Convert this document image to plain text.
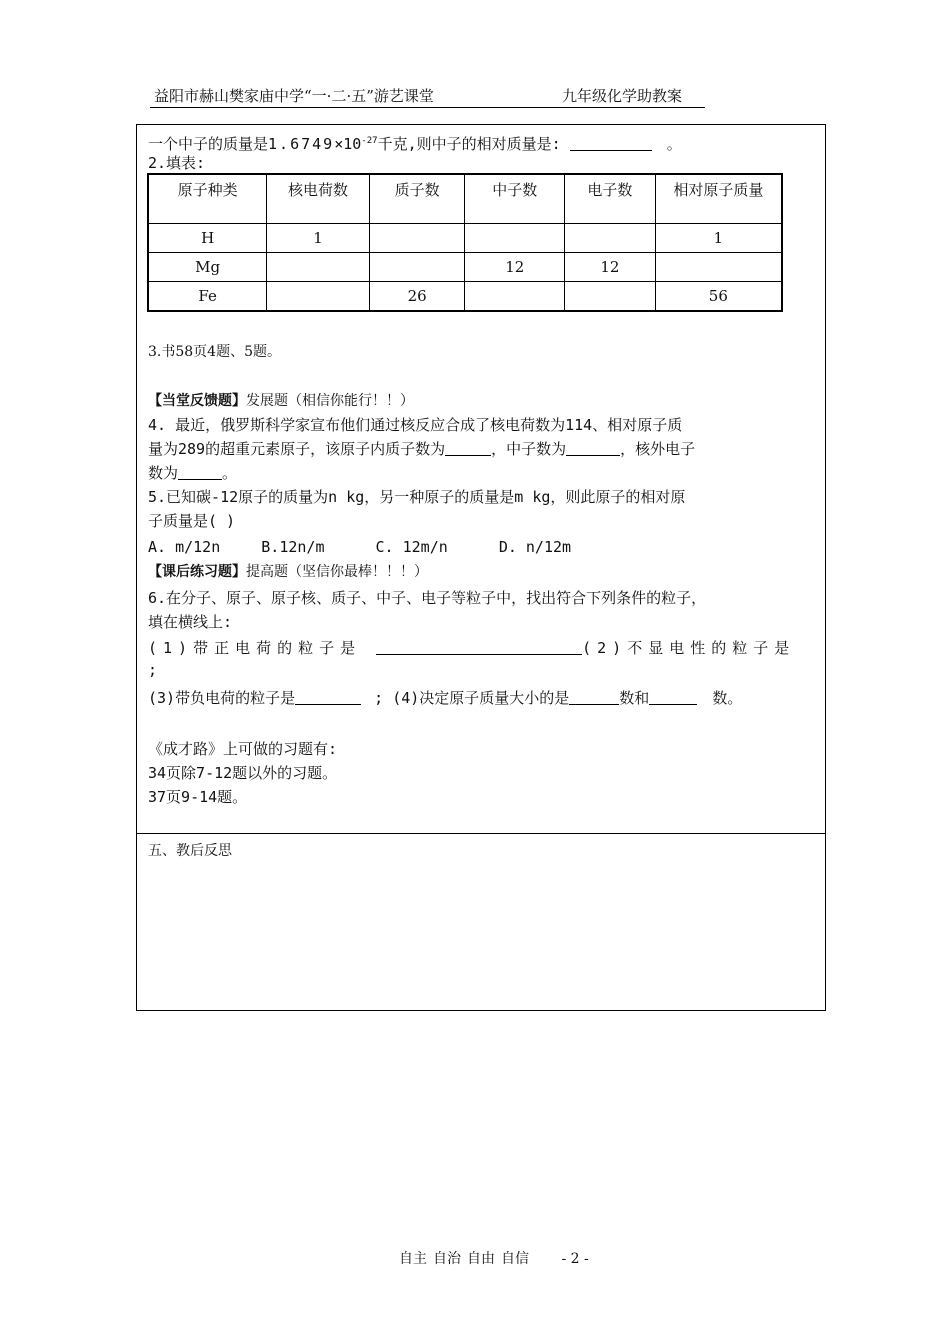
益阳市赫山樊家庙中学“一·二·五”游艺课堂	九年级化学助教案
一个中子的质量是$1.6749\times 10^{-27}$千克,则中子的相对质量是:	。
2.填表:
原子种类	核电荷数	质子数	中子数	电子数	相对原子质量
H	1				1
Mg			12	12	
Fe		26			56
3.书58页4题、5题。
【当堂反馈题】发展题（相信你能行！！）
4. 最近，俄罗斯科学家宣布他们通过核反应合成了核电荷数为114、相对原子质
量为289的超重元素原子，该原子内质子数为	，中子数为	，核外电子
数为	。
5.已知碳-12原子的质量为n kg，另一种原子的质量是m kg，则此原子的相对原
子质量是( )
A. m/12n	B.12n/m	C. 12m/n	D. n/12m
【课后练习题】提高题（坚信你最棒！！！）
6.在分子、原子、原子核、质子、中子、电子等粒子中，找出符合下列条件的粒子，
填在横线上:
(1)带正电荷的粒子是	(2)不显电性的粒子是
;
(3)带负电荷的粒子是	; (4)决定原子质量大小的是	数和	数。
《成才路》上可做的习题有:
34页除7-12题以外的习题。
37页9-14题。
五、教后反思
自主 自治 自由 自信 - 2 -
